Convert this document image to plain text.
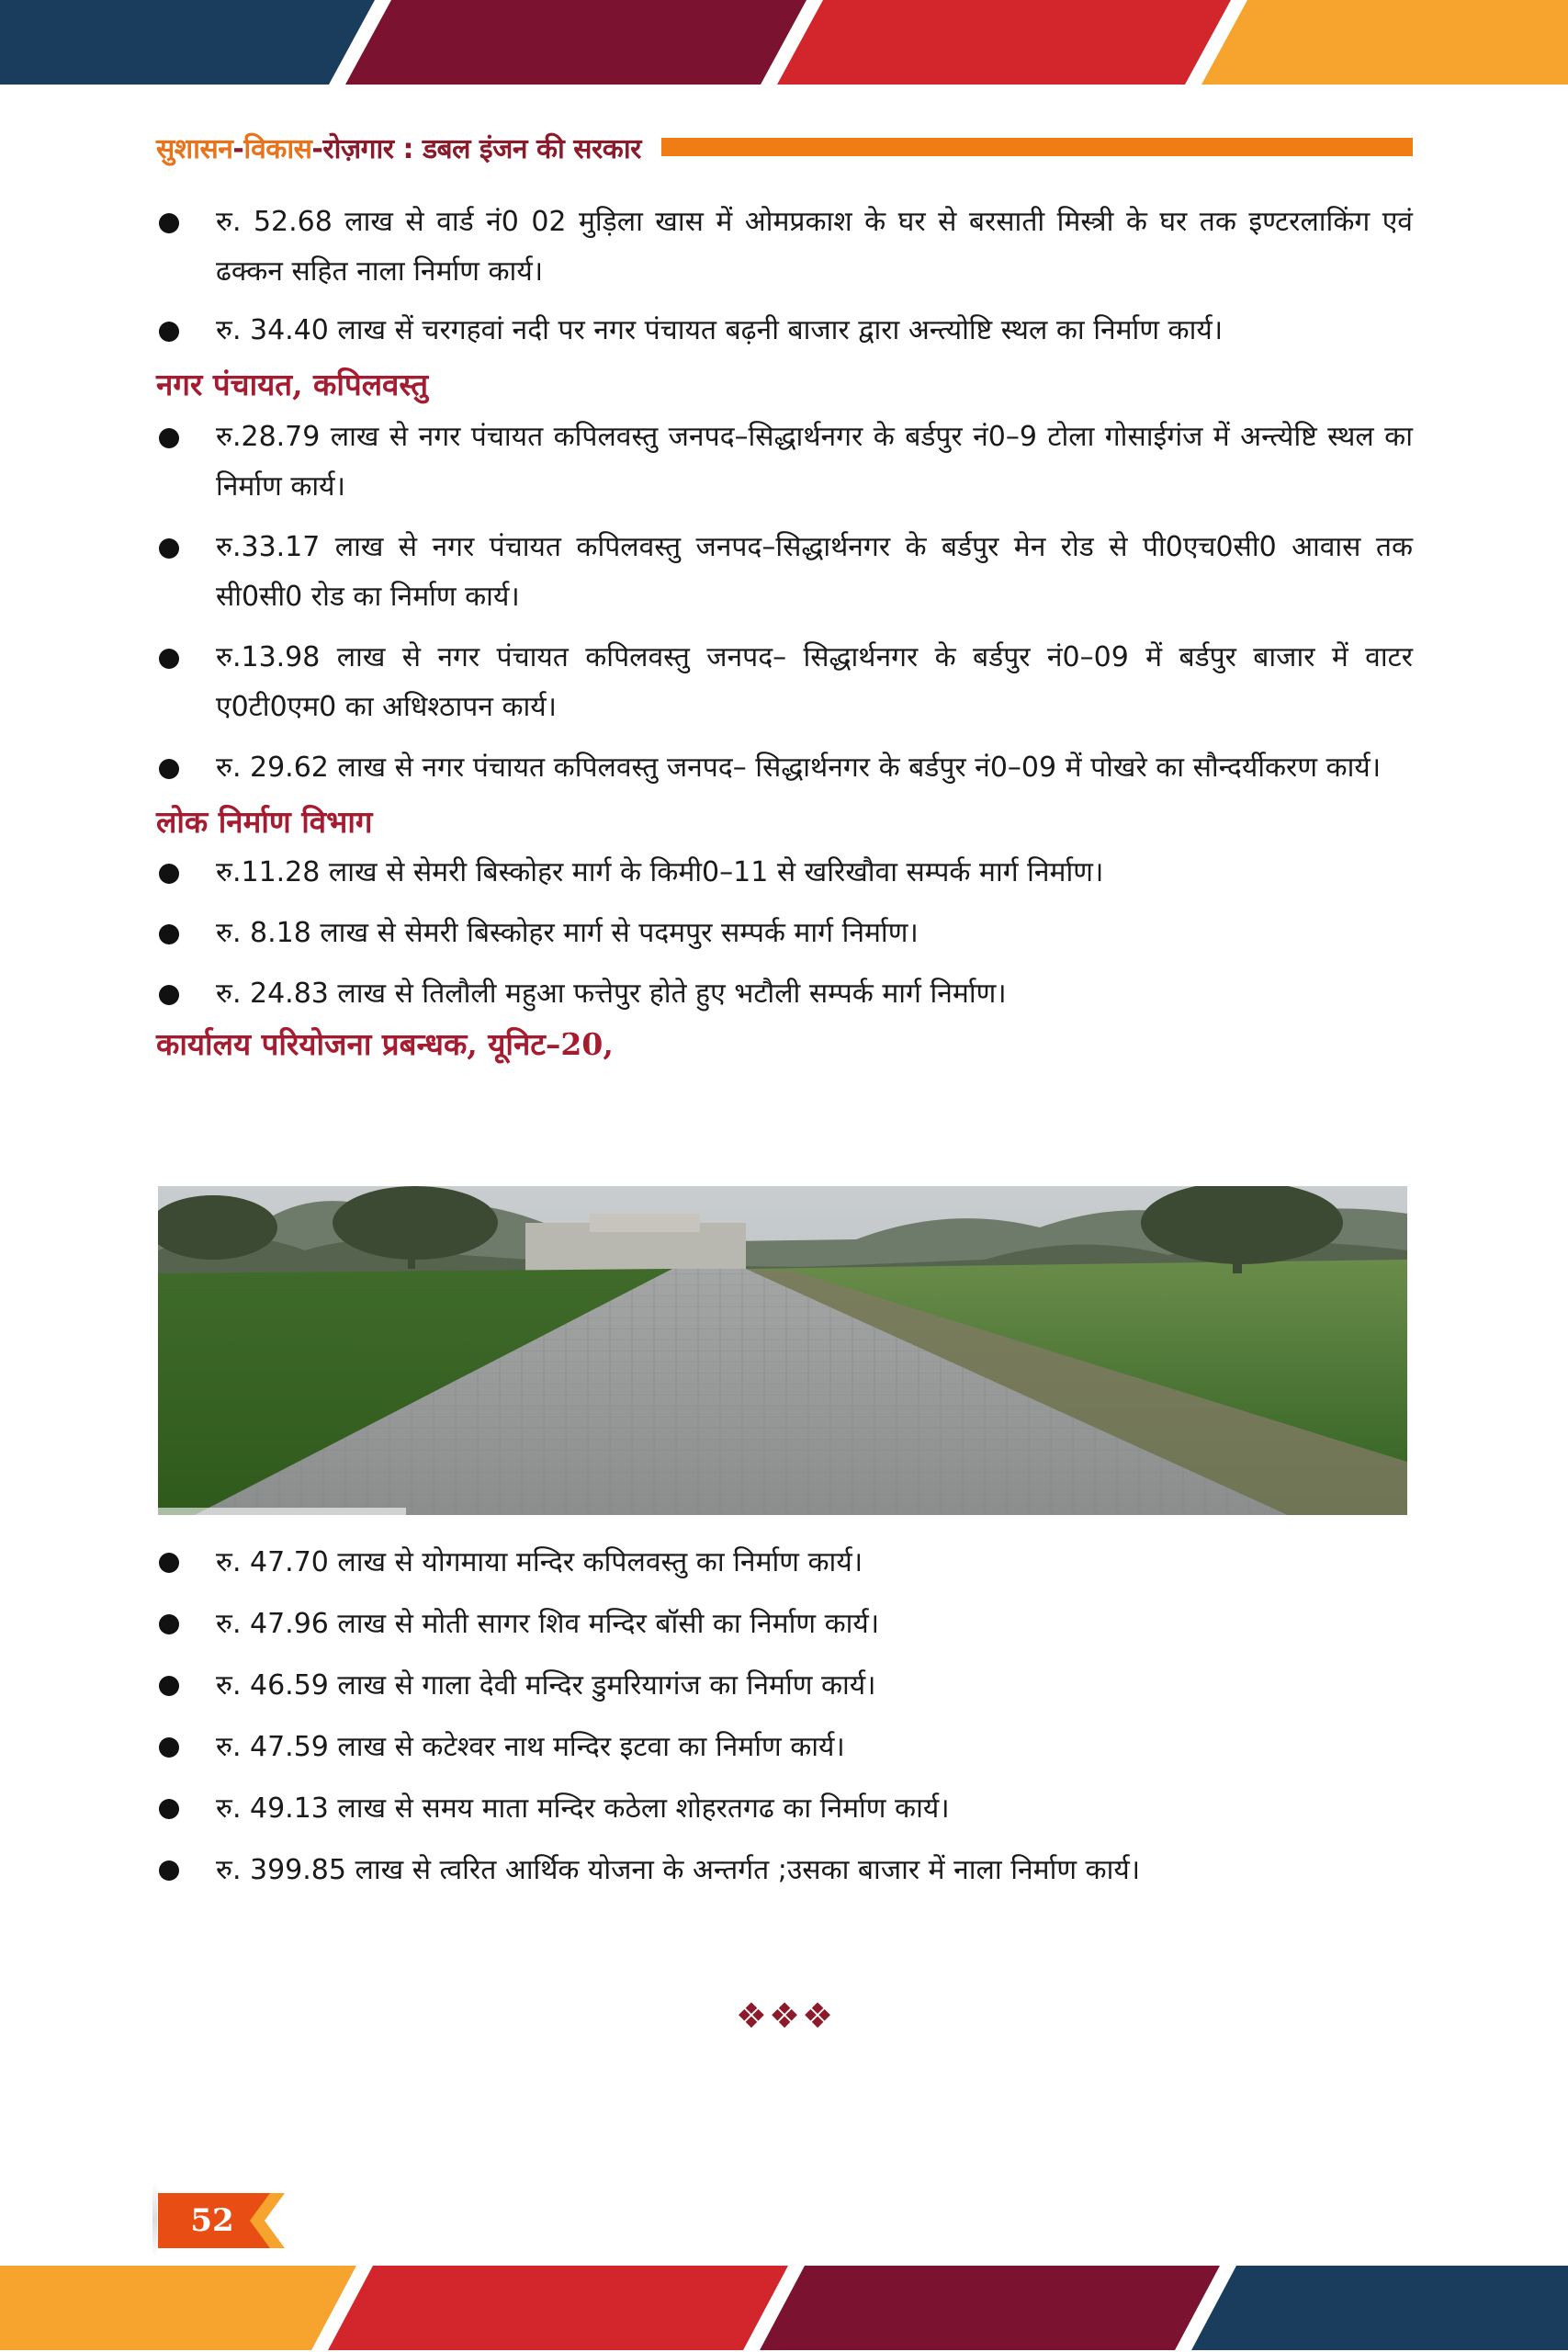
सुशासन-विकास-रोज़गार : डबल इंजन की सरकार
रु. 52.68 लाख से वार्ड नं0 02 मुड़िला खास में ओमप्रकाश के घर से बरसाती मिस्त्री के घर तक इण्टरलाकिंग एवं ढक्कन सहित नाला निर्माण कार्य।
रु. 34.40 लाख सें चरगहवां नदी पर नगर पंचायत बढ़नी बाजार द्वारा अन्त्योष्टि स्थल का निर्माण कार्य।
नगर पंचायत, कपिलवस्तु
रु.28.79 लाख से नगर पंचायत कपिलवस्तु जनपद–सिद्धार्थनगर के बर्डपुर नं0–9 टोला गोसाईगंज में अन्त्येष्टि स्थल का निर्माण कार्य।
रु.33.17 लाख से नगर पंचायत कपिलवस्तु जनपद–सिद्धार्थनगर के बर्डपुर मेन रोड से पी0एच0सी0 आवास तक सी0सी0 रोड का निर्माण कार्य।
रु.13.98 लाख से नगर पंचायत कपिलवस्तु जनपद– सिद्धार्थनगर के बर्डपुर नं0–09 में बर्डपुर बाजार में वाटर ए0टी0एम0 का अधिश्ठापन कार्य।
रु. 29.62 लाख से नगर पंचायत कपिलवस्तु जनपद– सिद्धार्थनगर के बर्डपुर नं0–09 में पोखरे का सौन्दर्यीकरण कार्य।
लोक निर्माण विभाग
रु.11.28 लाख से सेमरी बिस्कोहर मार्ग के किमी0–11 से खरिखौवा सम्पर्क मार्ग निर्माण।
रु. 8.18 लाख से सेमरी बिस्कोहर मार्ग से पदमपुर सम्पर्क मार्ग निर्माण।
रु. 24.83 लाख से तिलौली महुआ फत्तेपुर होते हुए भटौली सम्पर्क मार्ग निर्माण।
कार्यालय परियोजना प्रबन्धक, यूनिट–20,
रु. 47.70 लाख से योगमाया मन्दिर कपिलवस्तु का निर्माण कार्य।
रु. 47.96 लाख से मोती सागर शिव मन्दिर बॉसी का निर्माण कार्य।
रु. 46.59 लाख से गाला देवी मन्दिर डुमरियागंज का निर्माण कार्य।
रु. 47.59 लाख से कटेश्वर नाथ मन्दिर इटवा का निर्माण कार्य।
रु. 49.13 लाख से समय माता मन्दिर कठेला शोहरतगढ का निर्माण कार्य।
रु. 399.85 लाख से त्वरित आर्थिक योजना के अन्तर्गत ;उसका बाजार में नाला निर्माण कार्य।
❖❖❖
52
